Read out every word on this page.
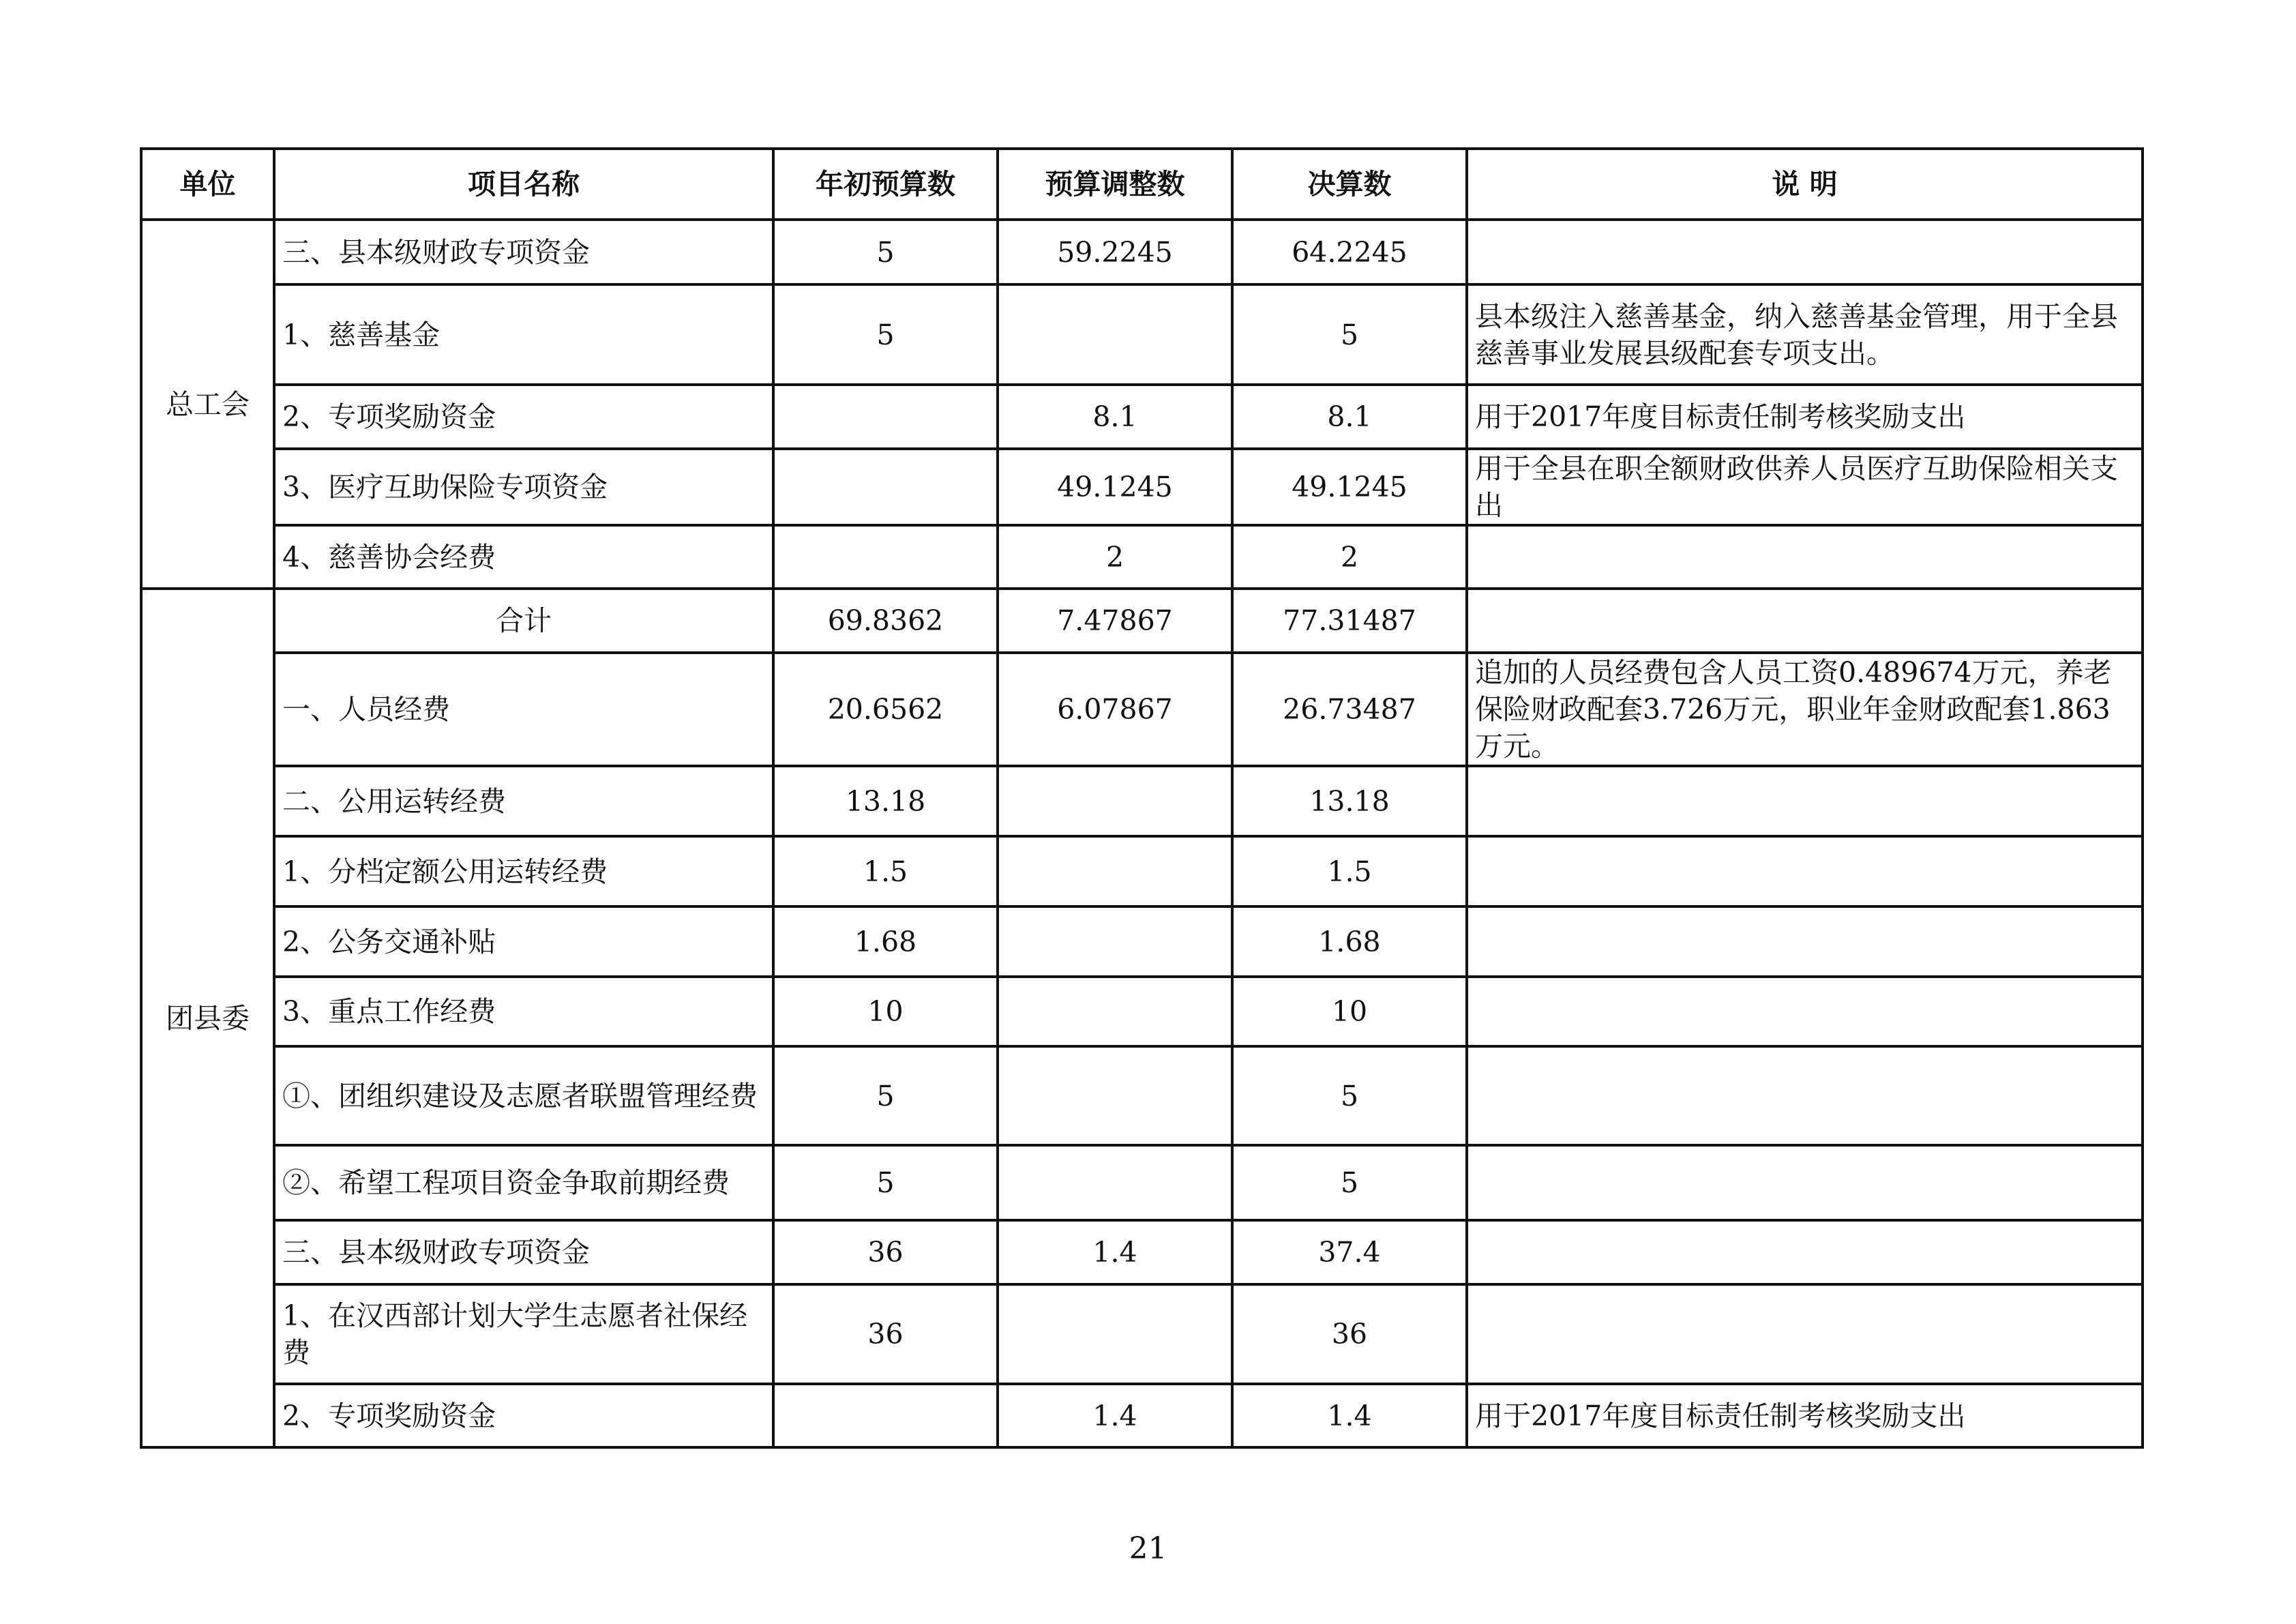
单位	项目名称	年初预算数	预算调整数	决算数	说 明
总工会	三、县本级财政专项资金	5	59.2245	64.2245	
	1、慈善基金	5		5	县本级注入慈善基金，纳入慈善基金管理，用于全县慈善事业发展县级配套专项支出。
	2、专项奖励资金		8.1	8.1	用于2017年度目标责任制考核奖励支出
	3、医疗互助保险专项资金		49.1245	49.1245	用于全县在职全额财政供养人员医疗互助保险相关支出
	4、慈善协会经费		2	2	
团县委	合计	69.8362	7.47867	77.31487	
	一、人员经费	20.6562	6.07867	26.73487	追加的人员经费包含人员工资0.489674万元，养老保险财政配套3.726万元，职业年金财政配套1.863万元。
	二、公用运转经费	13.18		13.18	
	1、分档定额公用运转经费	1.5		1.5	
	2、公务交通补贴	1.68		1.68	
	3、重点工作经费	10		10	
	①、团组织建设及志愿者联盟管理经费	5		5	
	②、希望工程项目资金争取前期经费	5		5	
	三、县本级财政专项资金	36	1.4	37.4	
	1、在汉西部计划大学生志愿者社保经费	36		36	
	2、专项奖励资金		1.4	1.4	用于2017年度目标责任制考核奖励支出
21
